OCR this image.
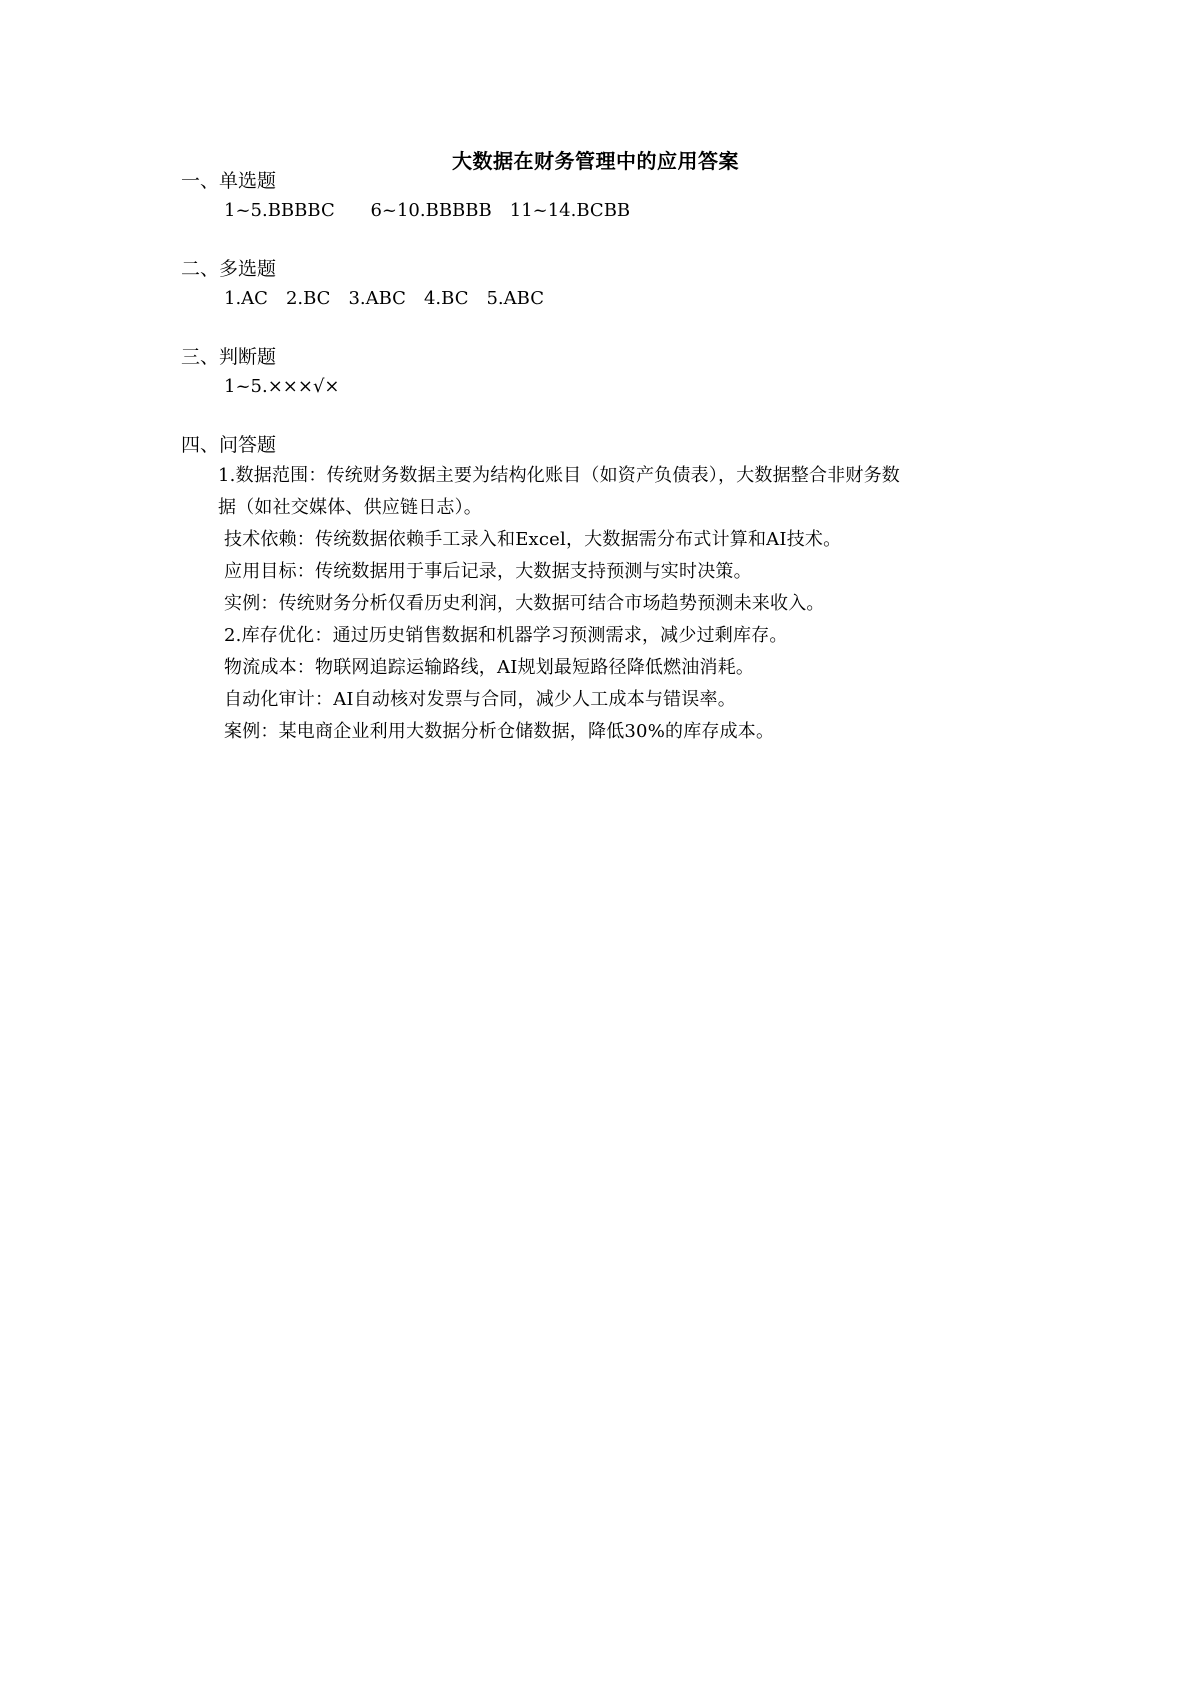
大数据在财务管理中的应用答案
一、单选题
1~5.BBBBC　 6~10.BBBBB　11~14.BCBB
二、多选题
1.AC　2.BC　3.ABC　4.BC　5.ABC
三、判断题
1~5.×××√×
四、问答题
1.数据范围：传统财务数据主要为结构化账目（如资产负债表），大数据整合非财务数
据（如社交媒体、供应链日志）。
技术依赖：传统数据依赖手工录入和Excel，大数据需分布式计算和AI技术。
应用目标：传统数据用于事后记录，大数据支持预测与实时决策。
实例：传统财务分析仅看历史利润，大数据可结合市场趋势预测未来收入。
2.库存优化：通过历史销售数据和机器学习预测需求，减少过剩库存。
物流成本：物联网追踪运输路线，AI规划最短路径降低燃油消耗。
自动化审计：AI自动核对发票与合同，减少人工成本与错误率。
案例：某电商企业利用大数据分析仓储数据，降低30%的库存成本。
